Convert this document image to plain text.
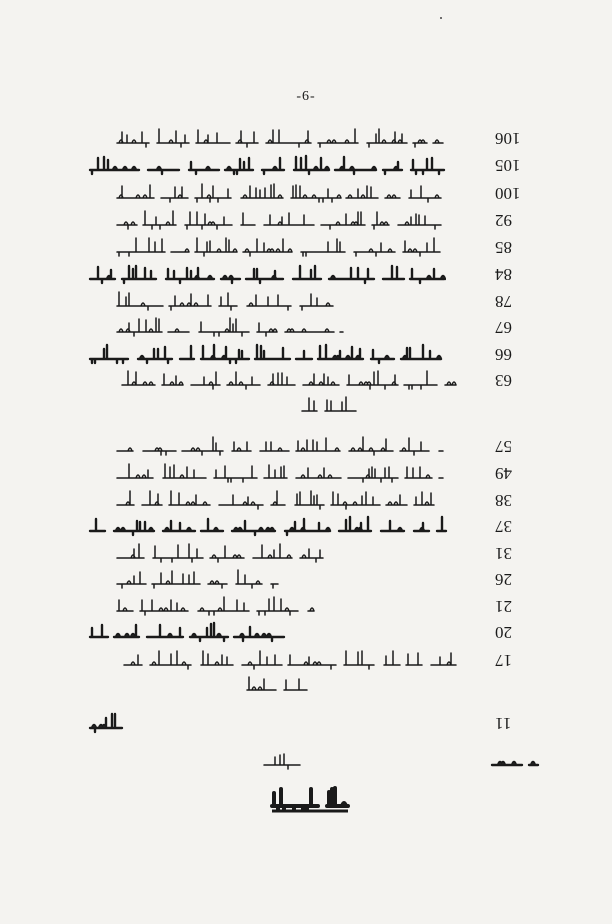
-6-
106
105
100
92
85
84
78
67
66
63
57
49
38
37
31
26
21
20
17
11
